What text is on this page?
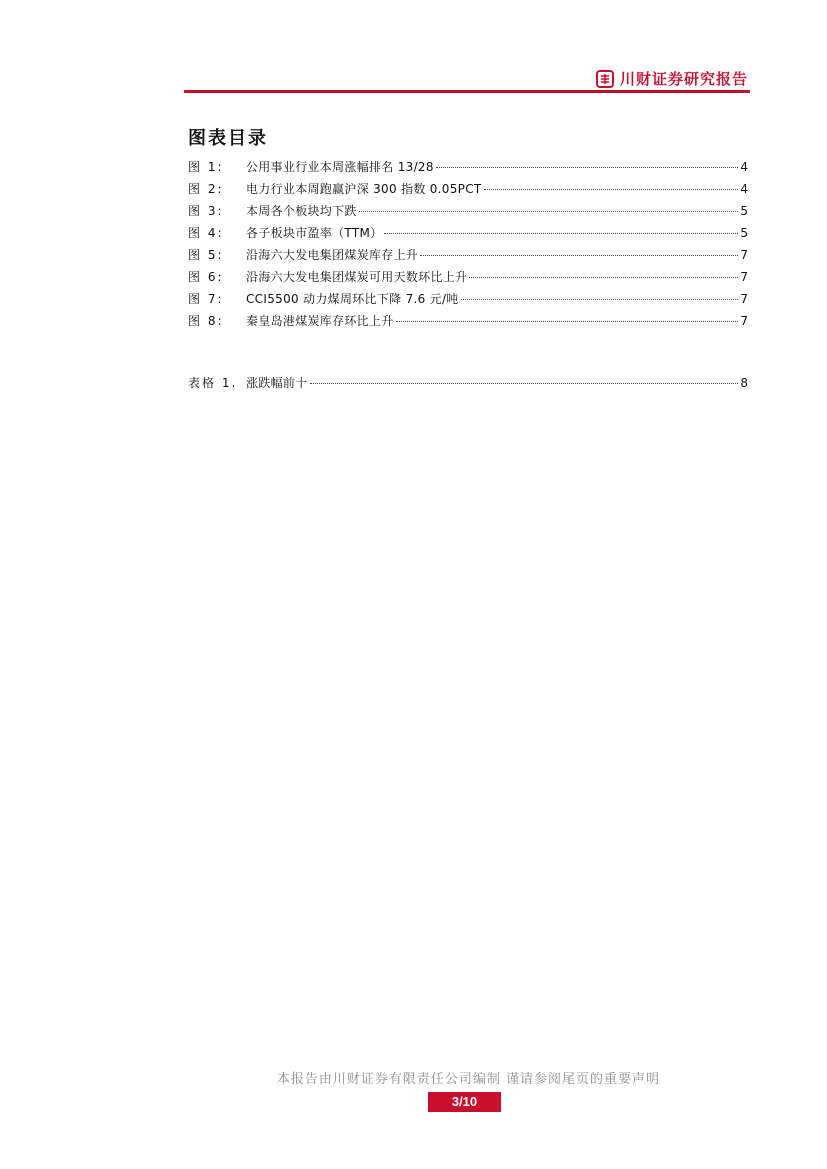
川财证券研究报告
图表目录
图 1:	公用事业行业本周涨幅排名 13/28	4
图 2:	电力行业本周跑赢沪深 300 指数 0.05PCT	4
图 3:	本周各个板块均下跌	5
图 4:	各子板块市盈率（TTM）	5
图 5:	沿海六大发电集团煤炭库存上升	7
图 6:	沿海六大发电集团煤炭可用天数环比上升	7
图 7:	CCI5500 动力煤周环比下降 7.6 元/吨	7
图 8:	秦皇岛港煤炭库存环比上升	7
表格 1. 涨跌幅前十	8
本报告由川财证券有限责任公司编制 谨请参阅尾页的重要声明
3/10
